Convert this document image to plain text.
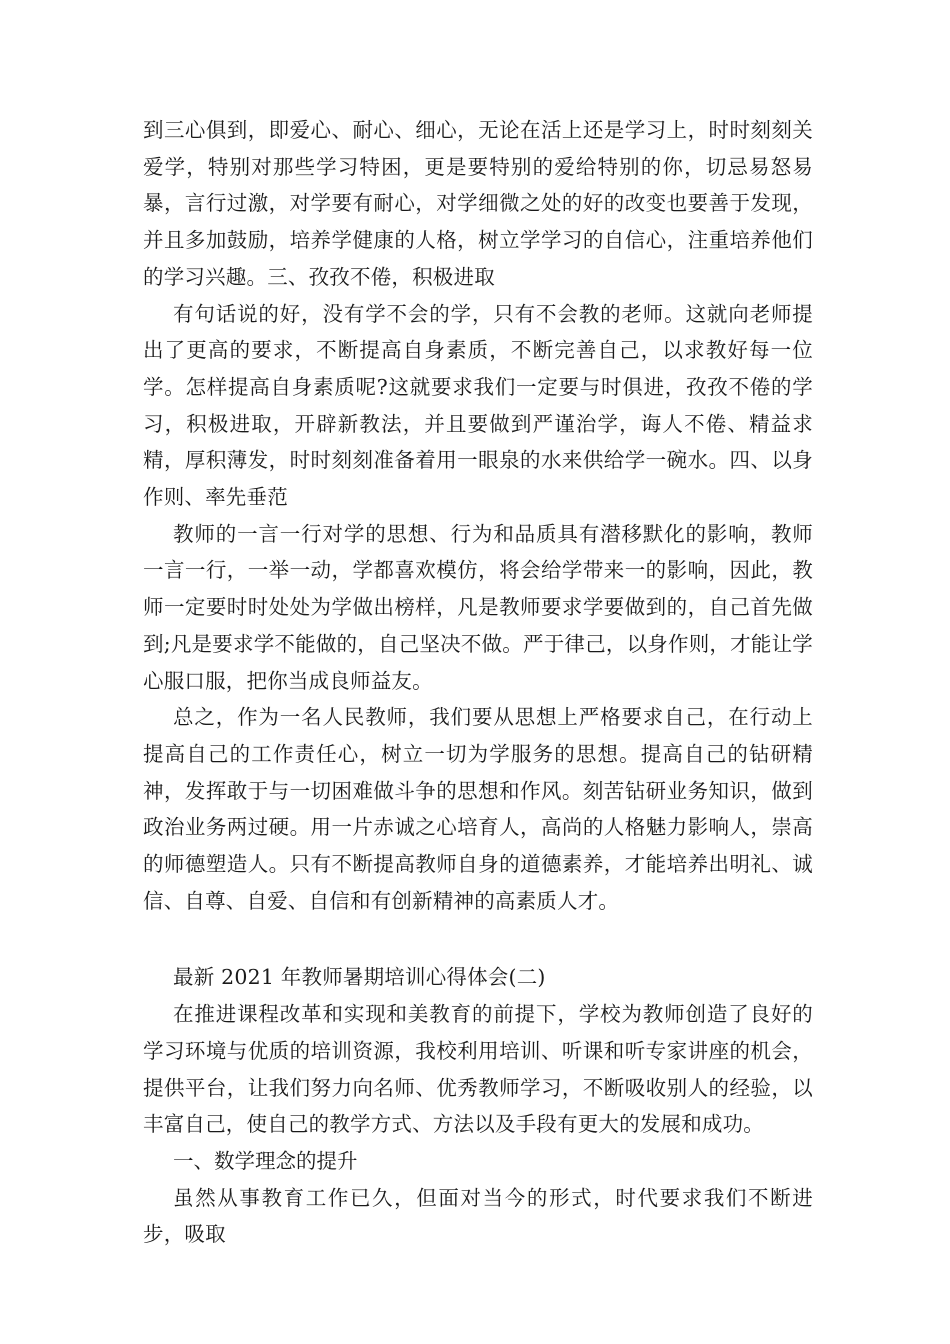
到三心俱到，即爱心、耐心、细心，无论在活上还是学习上，时时刻刻关爱学，特别对那些学习特困，更是要特别的爱给特别的你，切忌易怒易暴，言行过激，对学要有耐心，对学细微之处的好的改变也要善于发现，并且多加鼓励，培养学健康的人格，树立学学习的自信心，注重培养他们的学习兴趣。三、孜孜不倦，积极进取

有句话说的好，没有学不会的学，只有不会教的老师。这就向老师提出了更高的要求，不断提高自身素质，不断完善自己，以求教好每一位学。怎样提高自身素质呢?这就要求我们一定要与时俱进，孜孜不倦的学习，积极进取，开辟新教法，并且要做到严谨治学，诲人不倦、精益求精，厚积薄发，时时刻刻准备着用一眼泉的水来供给学一碗水。四、以身作则、率先垂范

教师的一言一行对学的思想、行为和品质具有潜移默化的影响，教师一言一行，一举一动，学都喜欢模仿，将会给学带来一的影响，因此，教师一定要时时处处为学做出榜样，凡是教师要求学要做到的，自己首先做到;凡是要求学不能做的，自己坚决不做。严于律己，以身作则，才能让学心服口服，把你当成良师益友。

总之，作为一名人民教师，我们要从思想上严格要求自己，在行动上提高自己的工作责任心，树立一切为学服务的思想。提高自己的钻研精神，发挥敢于与一切困难做斗争的思想和作风。刻苦钻研业务知识，做到政治业务两过硬。用一片赤诚之心培育人，高尚的人格魅力影响人，崇高的师德塑造人。只有不断提高教师自身的道德素养，才能培养出明礼、诚信、自尊、自爱、自信和有创新精神的高素质人才。

最新 2021 年教师暑期培训心得体会(二)

在推进课程改革和实现和美教育的前提下，学校为教师创造了良好的学习环境与优质的培训资源，我校利用培训、听课和听专家讲座的机会，提供平台，让我们努力向名师、优秀教师学习，不断吸收别人的经验，以丰富自己，使自己的教学方式、方法以及手段有更大的发展和成功。

一、数学理念的提升

虽然从事教育工作已久，但面对当今的形式，时代要求我们不断进步，吸取
